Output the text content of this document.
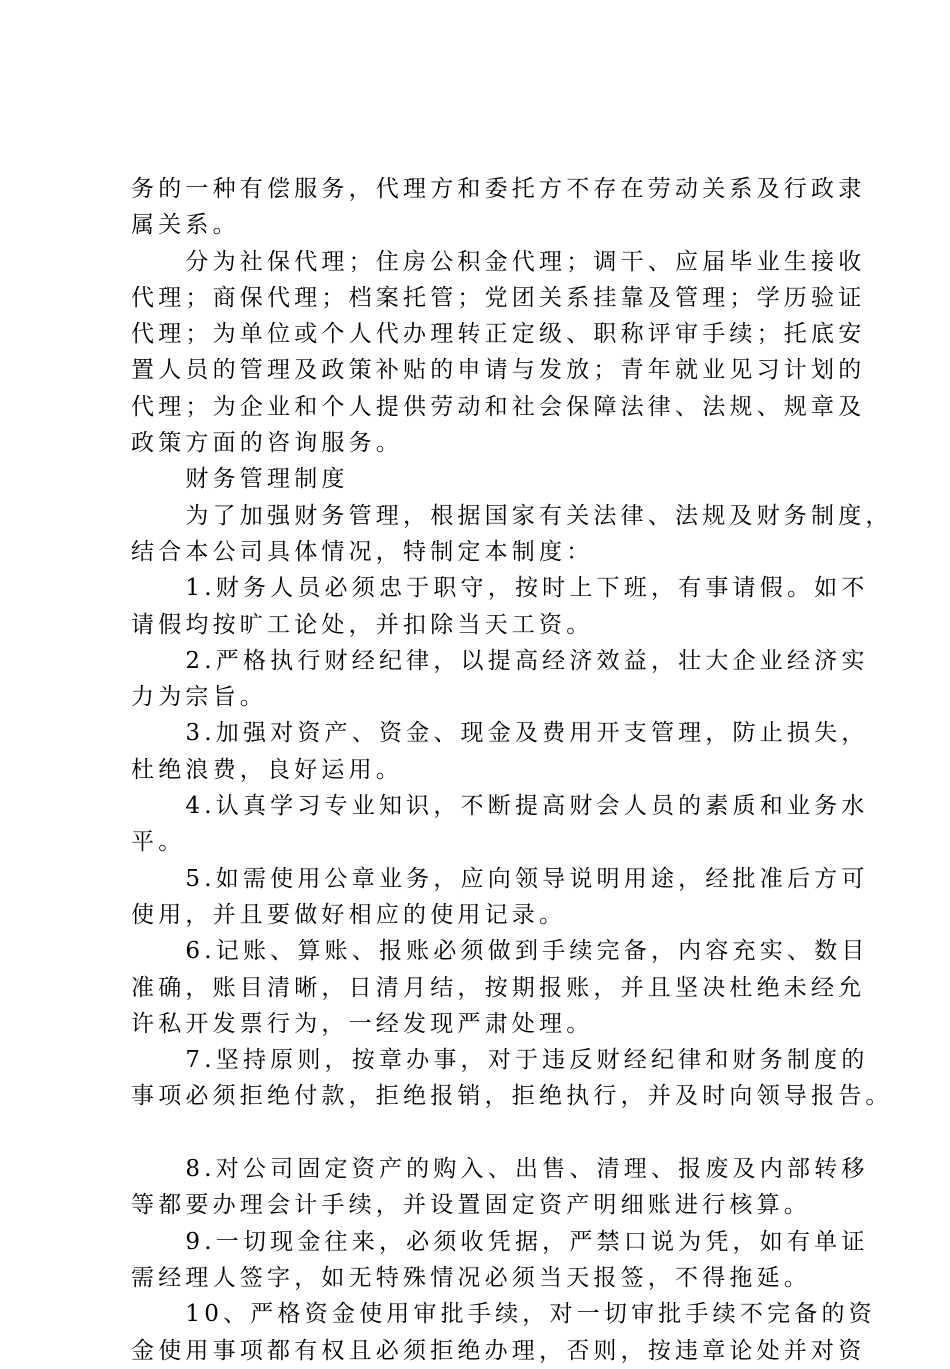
务的一种有偿服务，代理方和委托方不存在劳动关系及行政隶
属关系。
　　分为社保代理；住房公积金代理；调干、应届毕业生接收
代理；商保代理；档案托管；党团关系挂靠及管理；学历验证
代理；为单位或个人代办理转正定级、职称评审手续；托底安
置人员的管理及政策补贴的申请与发放；青年就业见习计划的
代理；为企业和个人提供劳动和社会保障法律、法规、规章及
政策方面的咨询服务。
　　财务管理制度
　　为了加强财务管理，根据国家有关法律、法规及财务制度，
结合本公司具体情况，特制定本制度：
　　1.财务人员必须忠于职守，按时上下班，有事请假。如不
请假均按旷工论处，并扣除当天工资。
　　2.严格执行财经纪律，以提高经济效益，壮大企业经济实
力为宗旨。
　　3.加强对资产、资金、现金及费用开支管理，防止损失，
杜绝浪费，良好运用。
　　4.认真学习专业知识，不断提高财会人员的素质和业务水
平。
　　5.如需使用公章业务，应向领导说明用途，经批准后方可
使用，并且要做好相应的使用记录。
　　6.记账、算账、报账必须做到手续完备，内容充实、数目
准确，账目清晰，日清月结，按期报账，并且坚决杜绝未经允
许私开发票行为，一经发现严肃处理。
　　7.坚持原则，按章办事，对于违反财经纪律和财务制度的
事项必须拒绝付款，拒绝报销，拒绝执行，并及时向领导报告。
　　8.对公司固定资产的购入、出售、清理、报废及内部转移
等都要办理会计手续，并设置固定资产明细账进行核算。
　　9.一切现金往来，必须收凭据，严禁口说为凭，如有单证
需经理人签字，如无特殊情况必须当天报签，不得拖延。
　　10、严格资金使用审批手续，对一切审批手续不完备的资
金使用事项都有权且必须拒绝办理，否则，按违章论处并对资
